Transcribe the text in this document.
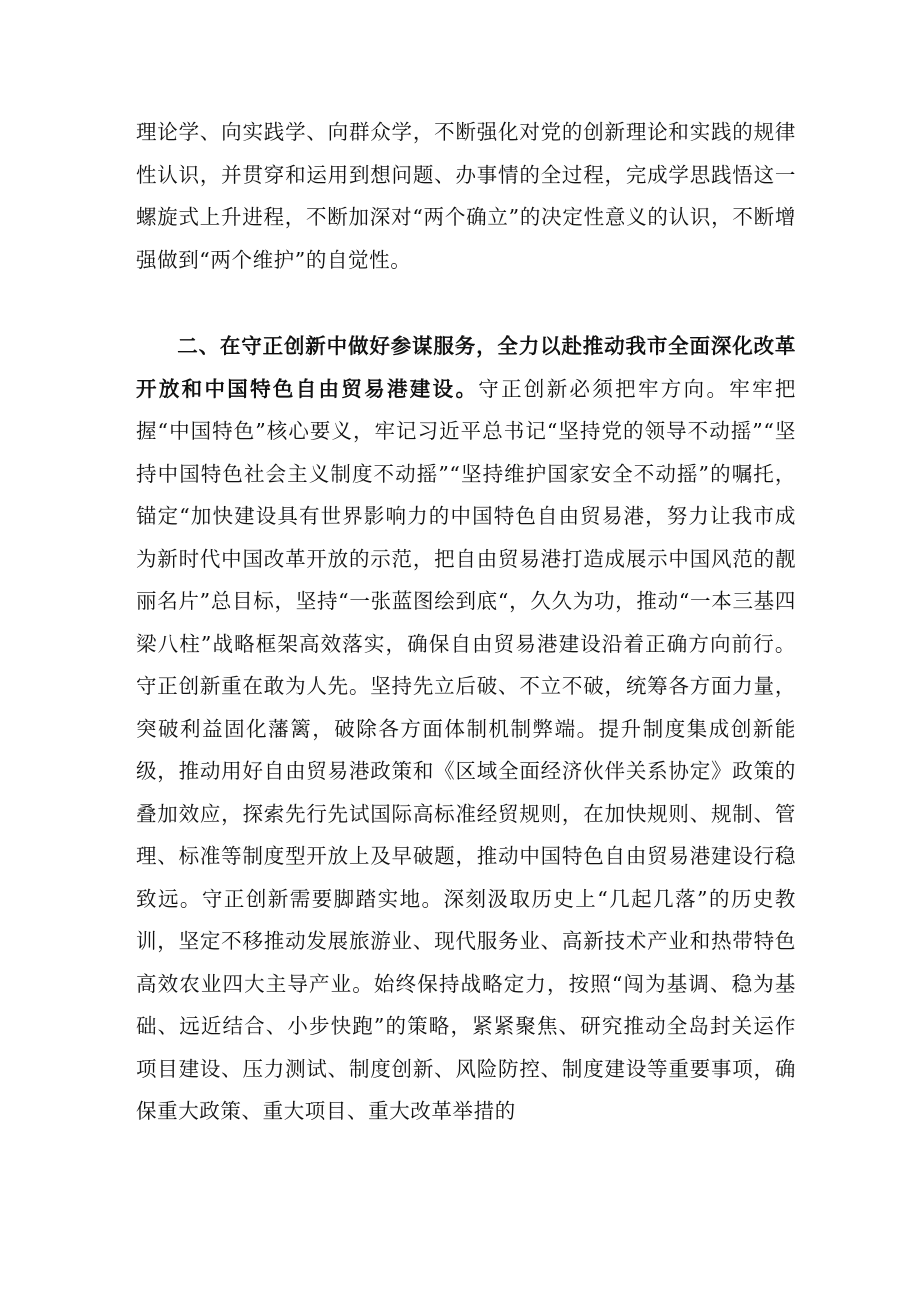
理论学、向实践学、向群众学，不断强化对党的创新理论和实践的规律性认识，并贯穿和运用到想问题、办事情的全过程，完成学思践悟这一螺旋式上升进程，不断加深对“两个确立”的决定性意义的认识，不断增强做到“两个维护”的自觉性。

二、在守正创新中做好参谋服务，全力以赴推动我市全面深化改革开放和中国特色自由贸易港建设。守正创新必须把牢方向。牢牢把握“中国特色”核心要义，牢记习近平总书记“坚持党的领导不动摇”“坚持中国特色社会主义制度不动摇”“坚持维护国家安全不动摇”的嘱托，锚定“加快建设具有世界影响力的中国特色自由贸易港，努力让我市成为新时代中国改革开放的示范，把自由贸易港打造成展示中国风范的靓丽名片”总目标，坚持“一张蓝图绘到底“，久久为功，推动“一本三基四梁八柱”战略框架高效落实，确保自由贸易港建设沿着正确方向前行。守正创新重在敢为人先。坚持先立后破、不立不破，统筹各方面力量，突破利益固化藩篱，破除各方面体制机制弊端。提升制度集成创新能级，推动用好自由贸易港政策和《区域全面经济伙伴关系协定》政策的叠加效应，探索先行先试国际高标准经贸规则，在加快规则、规制、管理、标准等制度型开放上及早破题，推动中国特色自由贸易港建设行稳致远。守正创新需要脚踏实地。深刻汲取历史上“几起几落”的历史教训，坚定不移推动发展旅游业、现代服务业、高新技术产业和热带特色高效农业四大主导产业。始终保持战略定力，按照“闯为基调、稳为基础、远近结合、小步快跑”的策略，紧紧聚焦、研究推动全岛封关运作项目建设、压力测试、制度创新、风险防控、制度建设等重要事项，确保重大政策、重大项目、重大改革举措的
